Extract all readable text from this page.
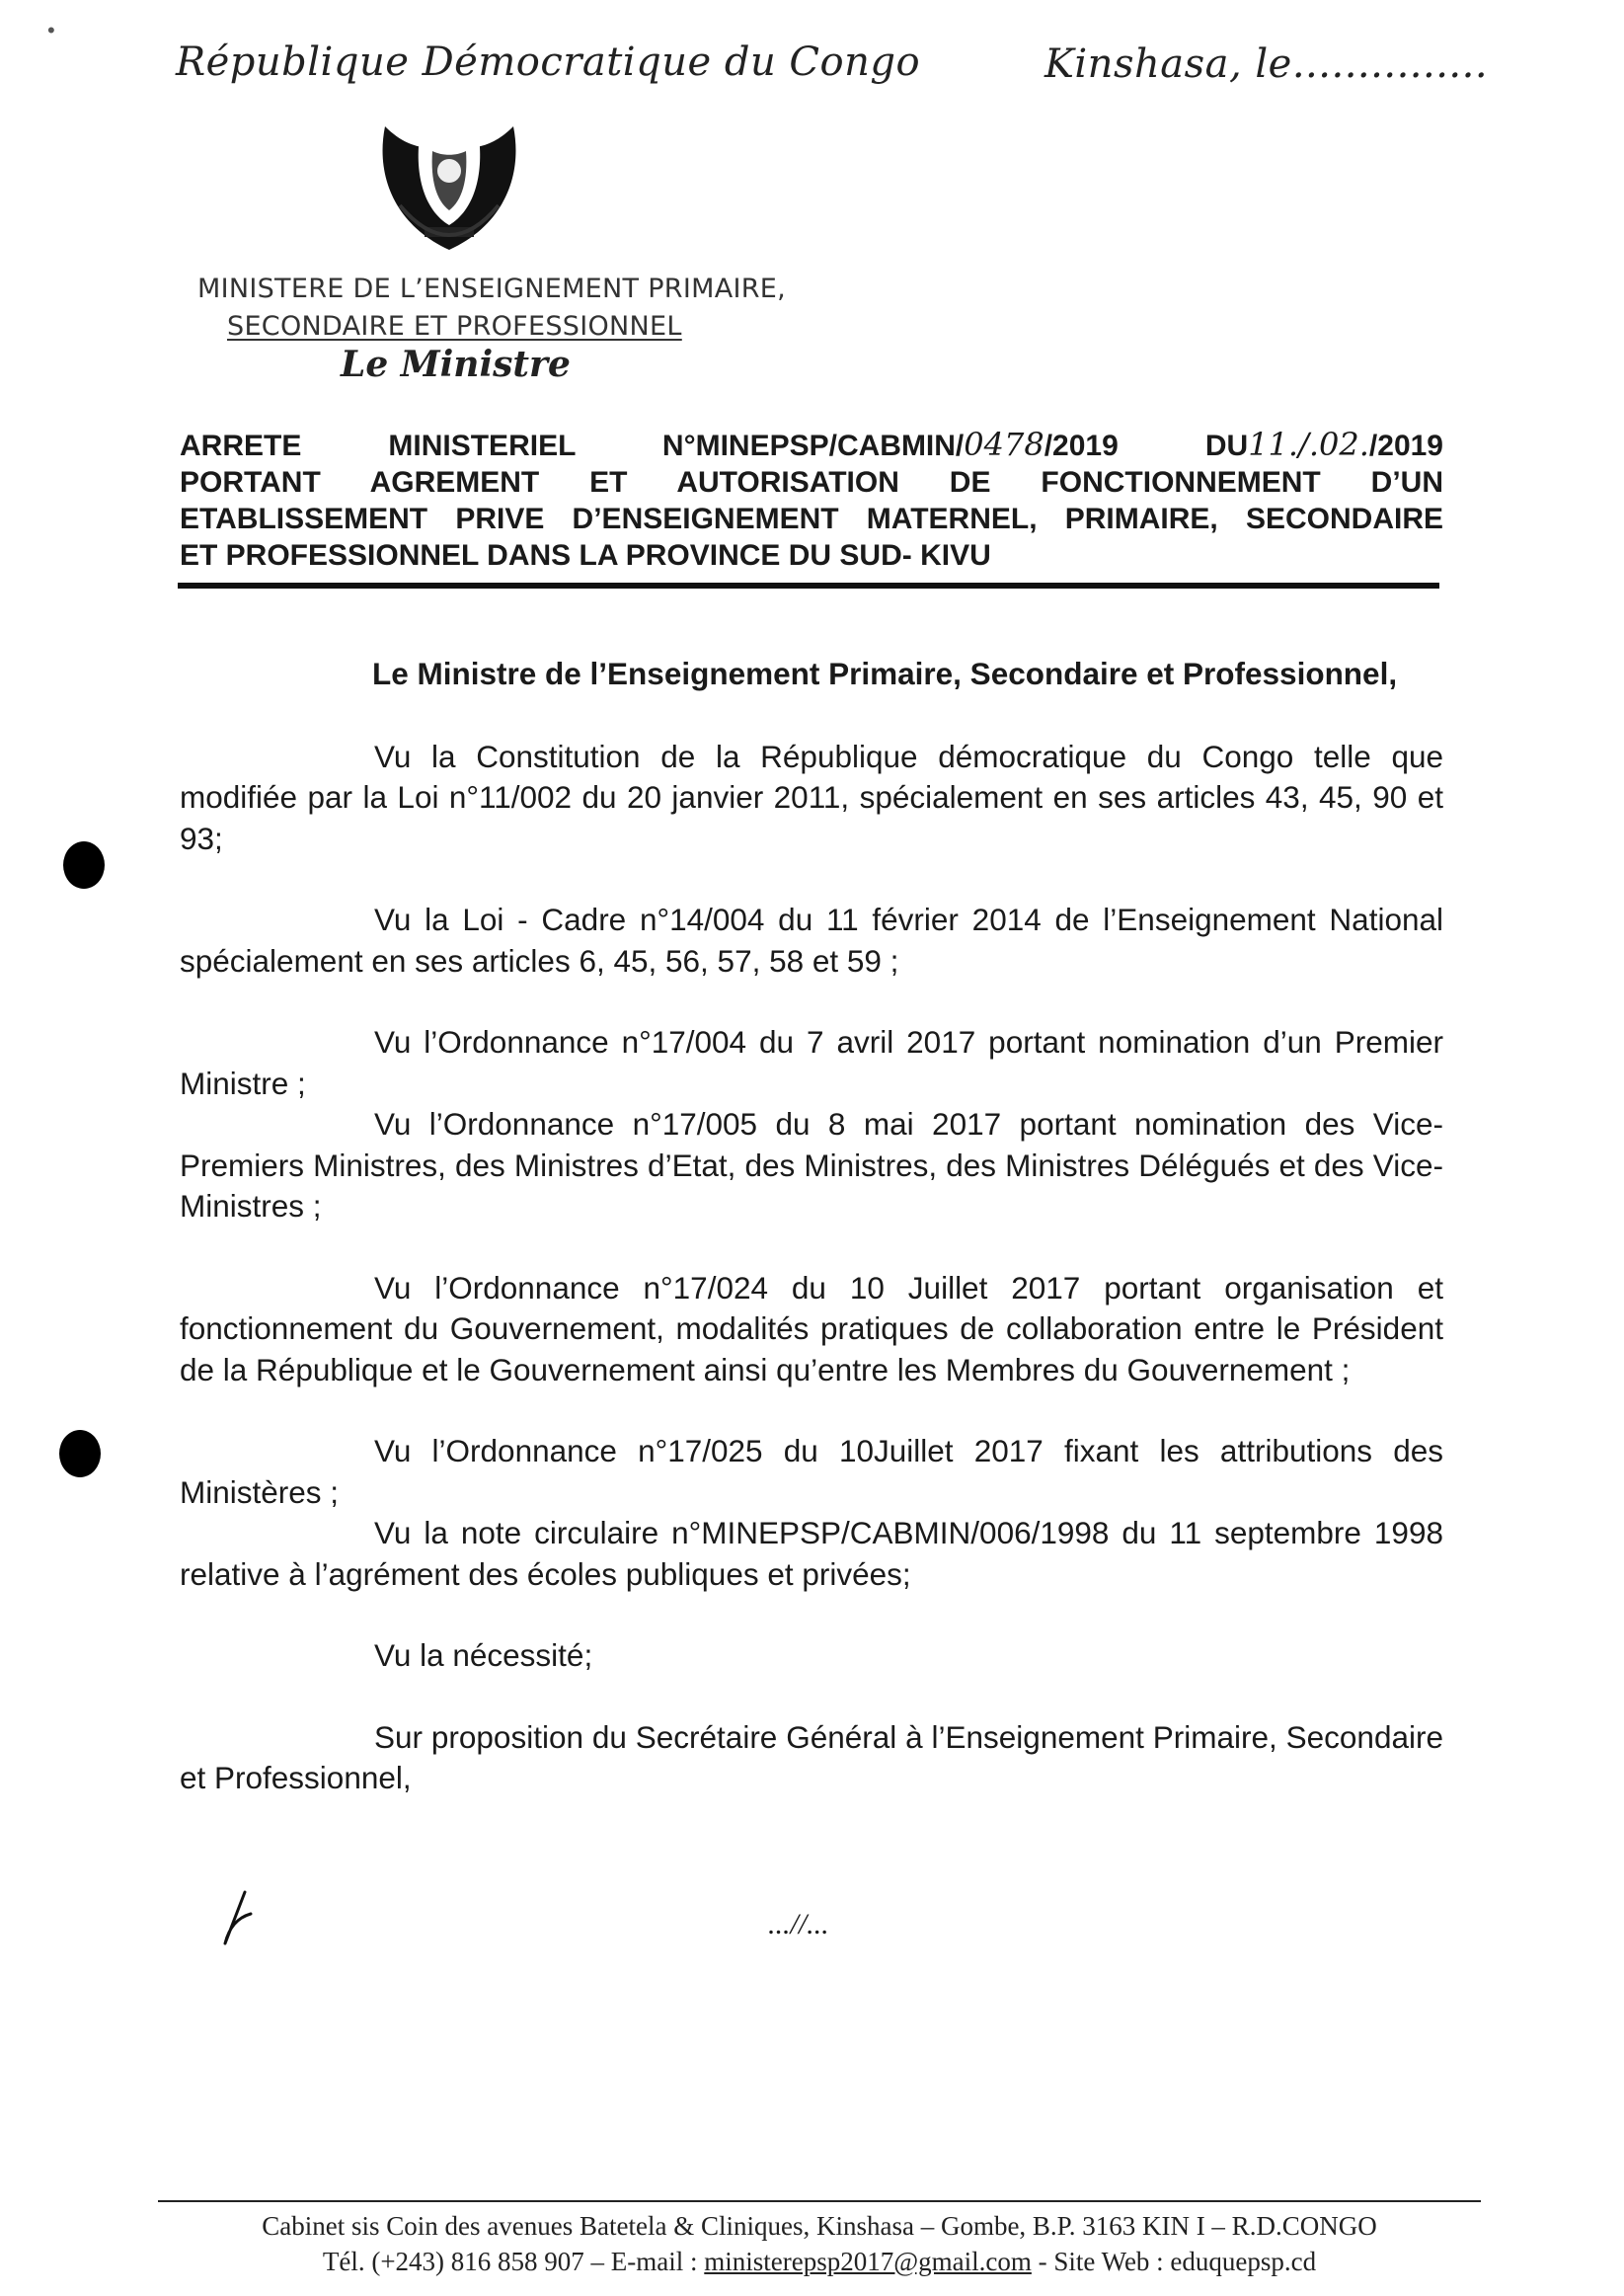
•
République Démocratique du Congo	Kinshasa, le...............
MINISTERE DE L’ENSEIGNEMENT PRIMAIRE,
SECONDAIRE ET PROFESSIONNEL
Le Ministre
ARRETE MINISTERIEL N°MINEPSP/CABMIN/0478/2019 DU11./.02./2019
PORTANT AGREMENT ET AUTORISATION DE FONCTIONNEMENT D’UN
ETABLISSEMENT PRIVE D’ENSEIGNEMENT MATERNEL, PRIMAIRE, SECONDAIRE
ET PROFESSIONNEL DANS LA PROVINCE DU SUD- KIVU

Le Ministre de l’Enseignement Primaire, Secondaire et Professionnel,

Vu la Constitution de la République démocratique du Congo telle que modifiée par la Loi n°11/002 du 20 janvier 2011, spécialement en ses articles 43, 45, 90 et 93;

Vu la Loi - Cadre n°14/004 du 11 février 2014 de l’Enseignement National spécialement en ses articles 6, 45, 56, 57, 58 et 59 ;

Vu l’Ordonnance n°17/004 du 7 avril 2017 portant nomination d’un Premier Ministre ;

Vu l’Ordonnance n°17/005 du 8 mai 2017 portant nomination des Vice-Premiers Ministres, des Ministres d’Etat, des Ministres, des Ministres Délégués et des Vice-Ministres ;

Vu l’Ordonnance n°17/024 du 10 Juillet 2017 portant organisation et fonctionnement du Gouvernement, modalités pratiques de collaboration entre le Président de la République et le Gouvernement ainsi qu’entre les Membres du Gouvernement ;

Vu l’Ordonnance n°17/025 du 10Juillet 2017 fixant les attributions des Ministères ;

Vu la note circulaire n°MINEPSP/CABMIN/006/1998 du 11 septembre 1998 relative à l’agrément des écoles publiques et privées;

Vu la nécessité;

Sur proposition du Secrétaire Général à l’Enseignement Primaire, Secondaire et Professionnel,

...//...
Cabinet sis Coin des avenues Batetela & Cliniques, Kinshasa – Gombe, B.P. 3163 KIN I – R.D.CONGO
Tél. (+243) 816 858 907 – E-mail : ministerepsp2017@gmail.com - Site Web : eduquepsp.cd
